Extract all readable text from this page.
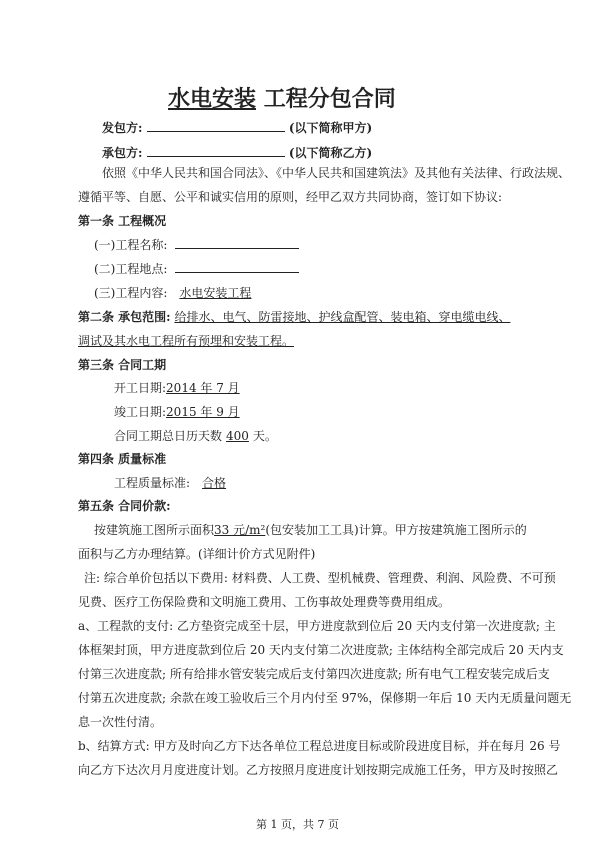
水电安装 工程分包合同
发包方:	(以下简称甲方)
承包方:	(以下简称乙方)
依照《中华人民共和国合同法》、《中华人民共和国建筑法》及其他有关法律、行政法规、
遵循平等、自愿、公平和诚实信用的原则，经甲乙双方共同协商，签订如下协议:
第一条 工程概况
(一)工程名称:
(二)工程地点:
(三)工程内容: 水电安装工程
第二条 承包范围: 给排水、电气、防雷接地、护线盒配管、装电箱、穿电缆电线、
调试及其水电工程所有预埋和安装工程。
第三条 合同工期
开工日期:2014 年 7 月
竣工日期:2015 年 9 月
合同工期总日历天数 400 天。
第四条 质量标准
工程质量标准: 合格
第五条 合同价款:
按建筑施工图所示面积33 元/m²(包安装加工工具)计算。甲方按建筑施工图所示的
面积与乙方办理结算。(详细计价方式见附件)
注: 综合单价包括以下费用: 材料费、人工费、型机械费、管理费、利润、风险费、不可预
见费、医疗工伤保险费和文明施工费用、工伤事故处理费等费用组成。
a、工程款的支付: 乙方垫资完成至十层，甲方进度款到位后 20 天内支付第一次进度款; 主
体框架封顶，甲方进度款到位后 20 天内支付第二次进度款; 主体结构全部完成后 20 天内支
付第三次进度款; 所有给排水管安装完成后支付第四次进度款; 所有电气工程安装完成后支
付第五次进度款; 余款在竣工验收后三个月内付至 97%，保修期一年后 10 天内无质量问题无
息一次性付清。
b、结算方式: 甲方及时向乙方下达各单位工程总进度目标或阶段进度目标，并在每月 26 号
向乙方下达次月月度进度计划。乙方按照月度进度计划按期完成施工任务，甲方及时按照乙
第 1 页，共 7 页
